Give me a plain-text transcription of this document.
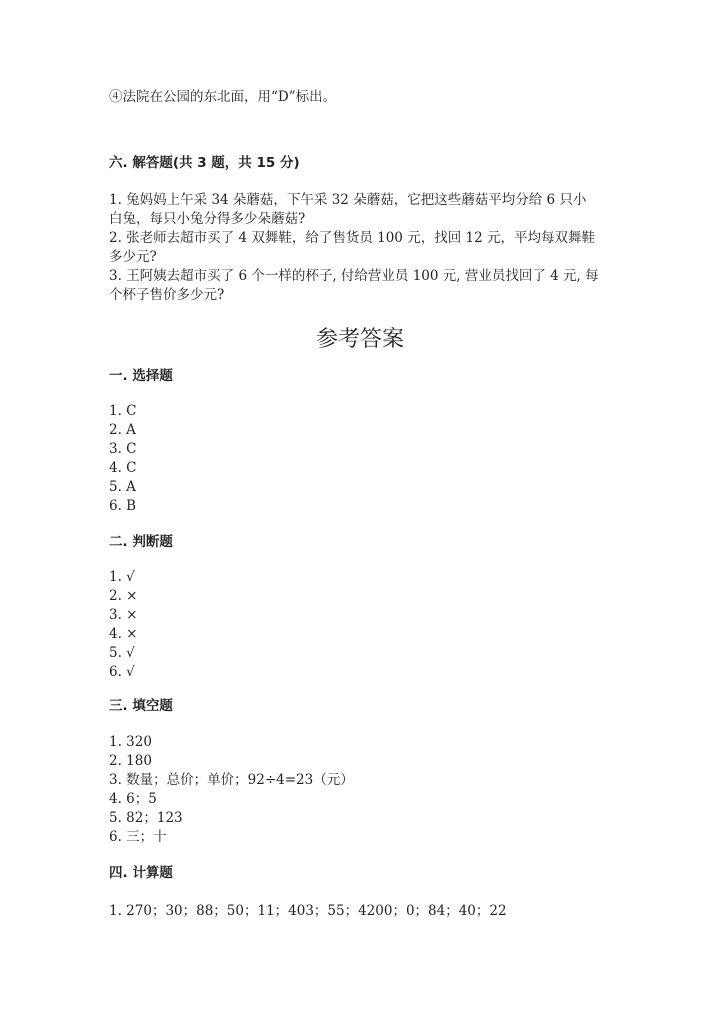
④法院在公园的东北面，用“D”标出。
六. 解答题(共 3 题，共 15 分)
1. 兔妈妈上午采 34 朵蘑菇，下午采 32 朵蘑菇，它把这些蘑菇平均分给 6 只小
白兔，每只小兔分得多少朵蘑菇?
2. 张老师去超市买了 4 双舞鞋，给了售货员 100 元，找回 12 元，平均每双舞鞋
多少元?
3. 王阿姨去超市买了 6 个一样的杯子, 付给营业员 100 元, 营业员找回了 4 元, 每
个杯子售价多少元?
参考答案
一. 选择题
1. C
2. A
3. C
4. C
5. A
6. B
二. 判断题
1. √
2. ×
3. ×
4. ×
5. √
6. √
三. 填空题
1. 320
2. 180
3. 数量；总价；单价；92÷4=23（元）
4. 6；5
5. 82；123
6. 三；十
四. 计算题
1. 270；30；88；50；11；403；55；4200；0；84；40；22
